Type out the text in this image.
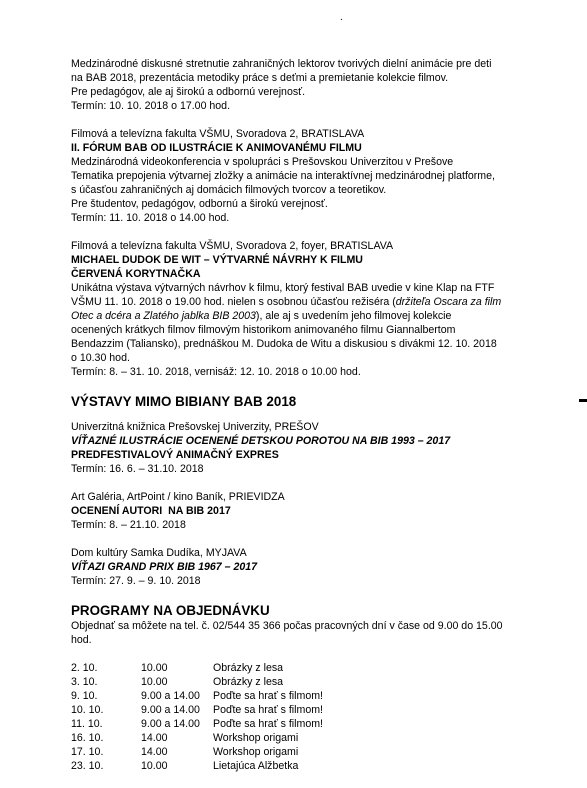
.

Medzinárodné diskusné stretnutie zahraničných lektorov tvorivých dielní animácie pre deti

na BAB 2018, prezentácia metodiky práce s deťmi a premietanie kolekcie filmov.

Pre pedagógov, ale aj širokú a odbornú verejnosť.

Termín: 10. 10. 2018 o 17.00 hod.

Filmová a televízna fakulta VŠMU, Svoradova 2, BRATISLAVA

II. FÓRUM BAB OD ILUSTRÁCIE K ANIMOVANÉMU FILMU

Medzinárodná videokonferencia v spolupráci s Prešovskou Univerzitou v Prešove

Tematika prepojenia výtvarnej zložky a animácie na interaktívnej medzinárodnej platforme,

s účasťou zahraničných aj domácich filmových tvorcov a teoretikov.

Pre študentov, pedagógov, odbornú a širokú verejnosť.

Termín: 11. 10. 2018 o 14.00 hod.

Filmová a televízna fakulta VŠMU, Svoradova 2, foyer, BRATISLAVA

MICHAEL DUDOK DE WIT – VÝTVARNÉ NÁVRHY K FILMU

ČERVENÁ KORYTNAČKA

Unikátna výstava výtvarných návrhov k filmu, ktorý festival BAB uvedie v kine Klap na FTF

VŠMU 11. 10. 2018 o 19.00 hod. nielen s osobnou účasťou režiséra (držiteľa Oscara za film

Otec a dcéra a Zlatého jablka BIB 2003), ale aj s uvedením jeho filmovej kolekcie

ocenených krátkych filmov filmovým historikom animovaného filmu Giannalbertom

Bendazzim (Taliansko), prednáškou M. Dudoka de Witu a diskusiou s divákmi 12. 10. 2018

o 10.30 hod.

Termín: 8. – 31. 10. 2018, vernisáž: 12. 10. 2018 o 10.00 hod.

VÝSTAVY MIMO BIBIANY BAB 2018

Univerzitná knižnica Prešovskej Univerzity, PREŠOV

VÍŤAZNÉ ILUSTRÁCIE OCENENÉ DETSKOU POROTOU NA BIB 1993 – 2017

PREDFESTIVALOVÝ ANIMAČNÝ EXPRES

Termín: 16. 6. – 31.10. 2018

Art Galéria, ArtPoint / kino Baník, PRIEVIDZA

OCENENÍ AUTORI  NA BIB 2017

Termín: 8. – 21.10. 2018

Dom kultúry Samka Dudíka, MYJAVA

VÍŤAZI GRAND PRIX BIB 1967 – 2017

Termín: 27. 9. – 9. 10. 2018

PROGRAMY NA OBJEDNÁVKU

Objednať sa môžete na tel. č. 02/544 35 366 počas pracovných dní v čase od 9.00 do 15.00

hod.

2. 10.	10.00	Obrázky z lesa
3. 10.	10.00	Obrázky z lesa
9. 10.	9.00 a 14.00	Poďte sa hrať s filmom!
10. 10.	9.00 a 14.00	Poďte sa hrať s filmom!
11. 10.	9.00 a 14.00	Poďte sa hrať s filmom!
16. 10.	14.00	Workshop origami
17. 10.	14.00	Workshop origami
23. 10.	10.00	Lietajúca Alžbetka
